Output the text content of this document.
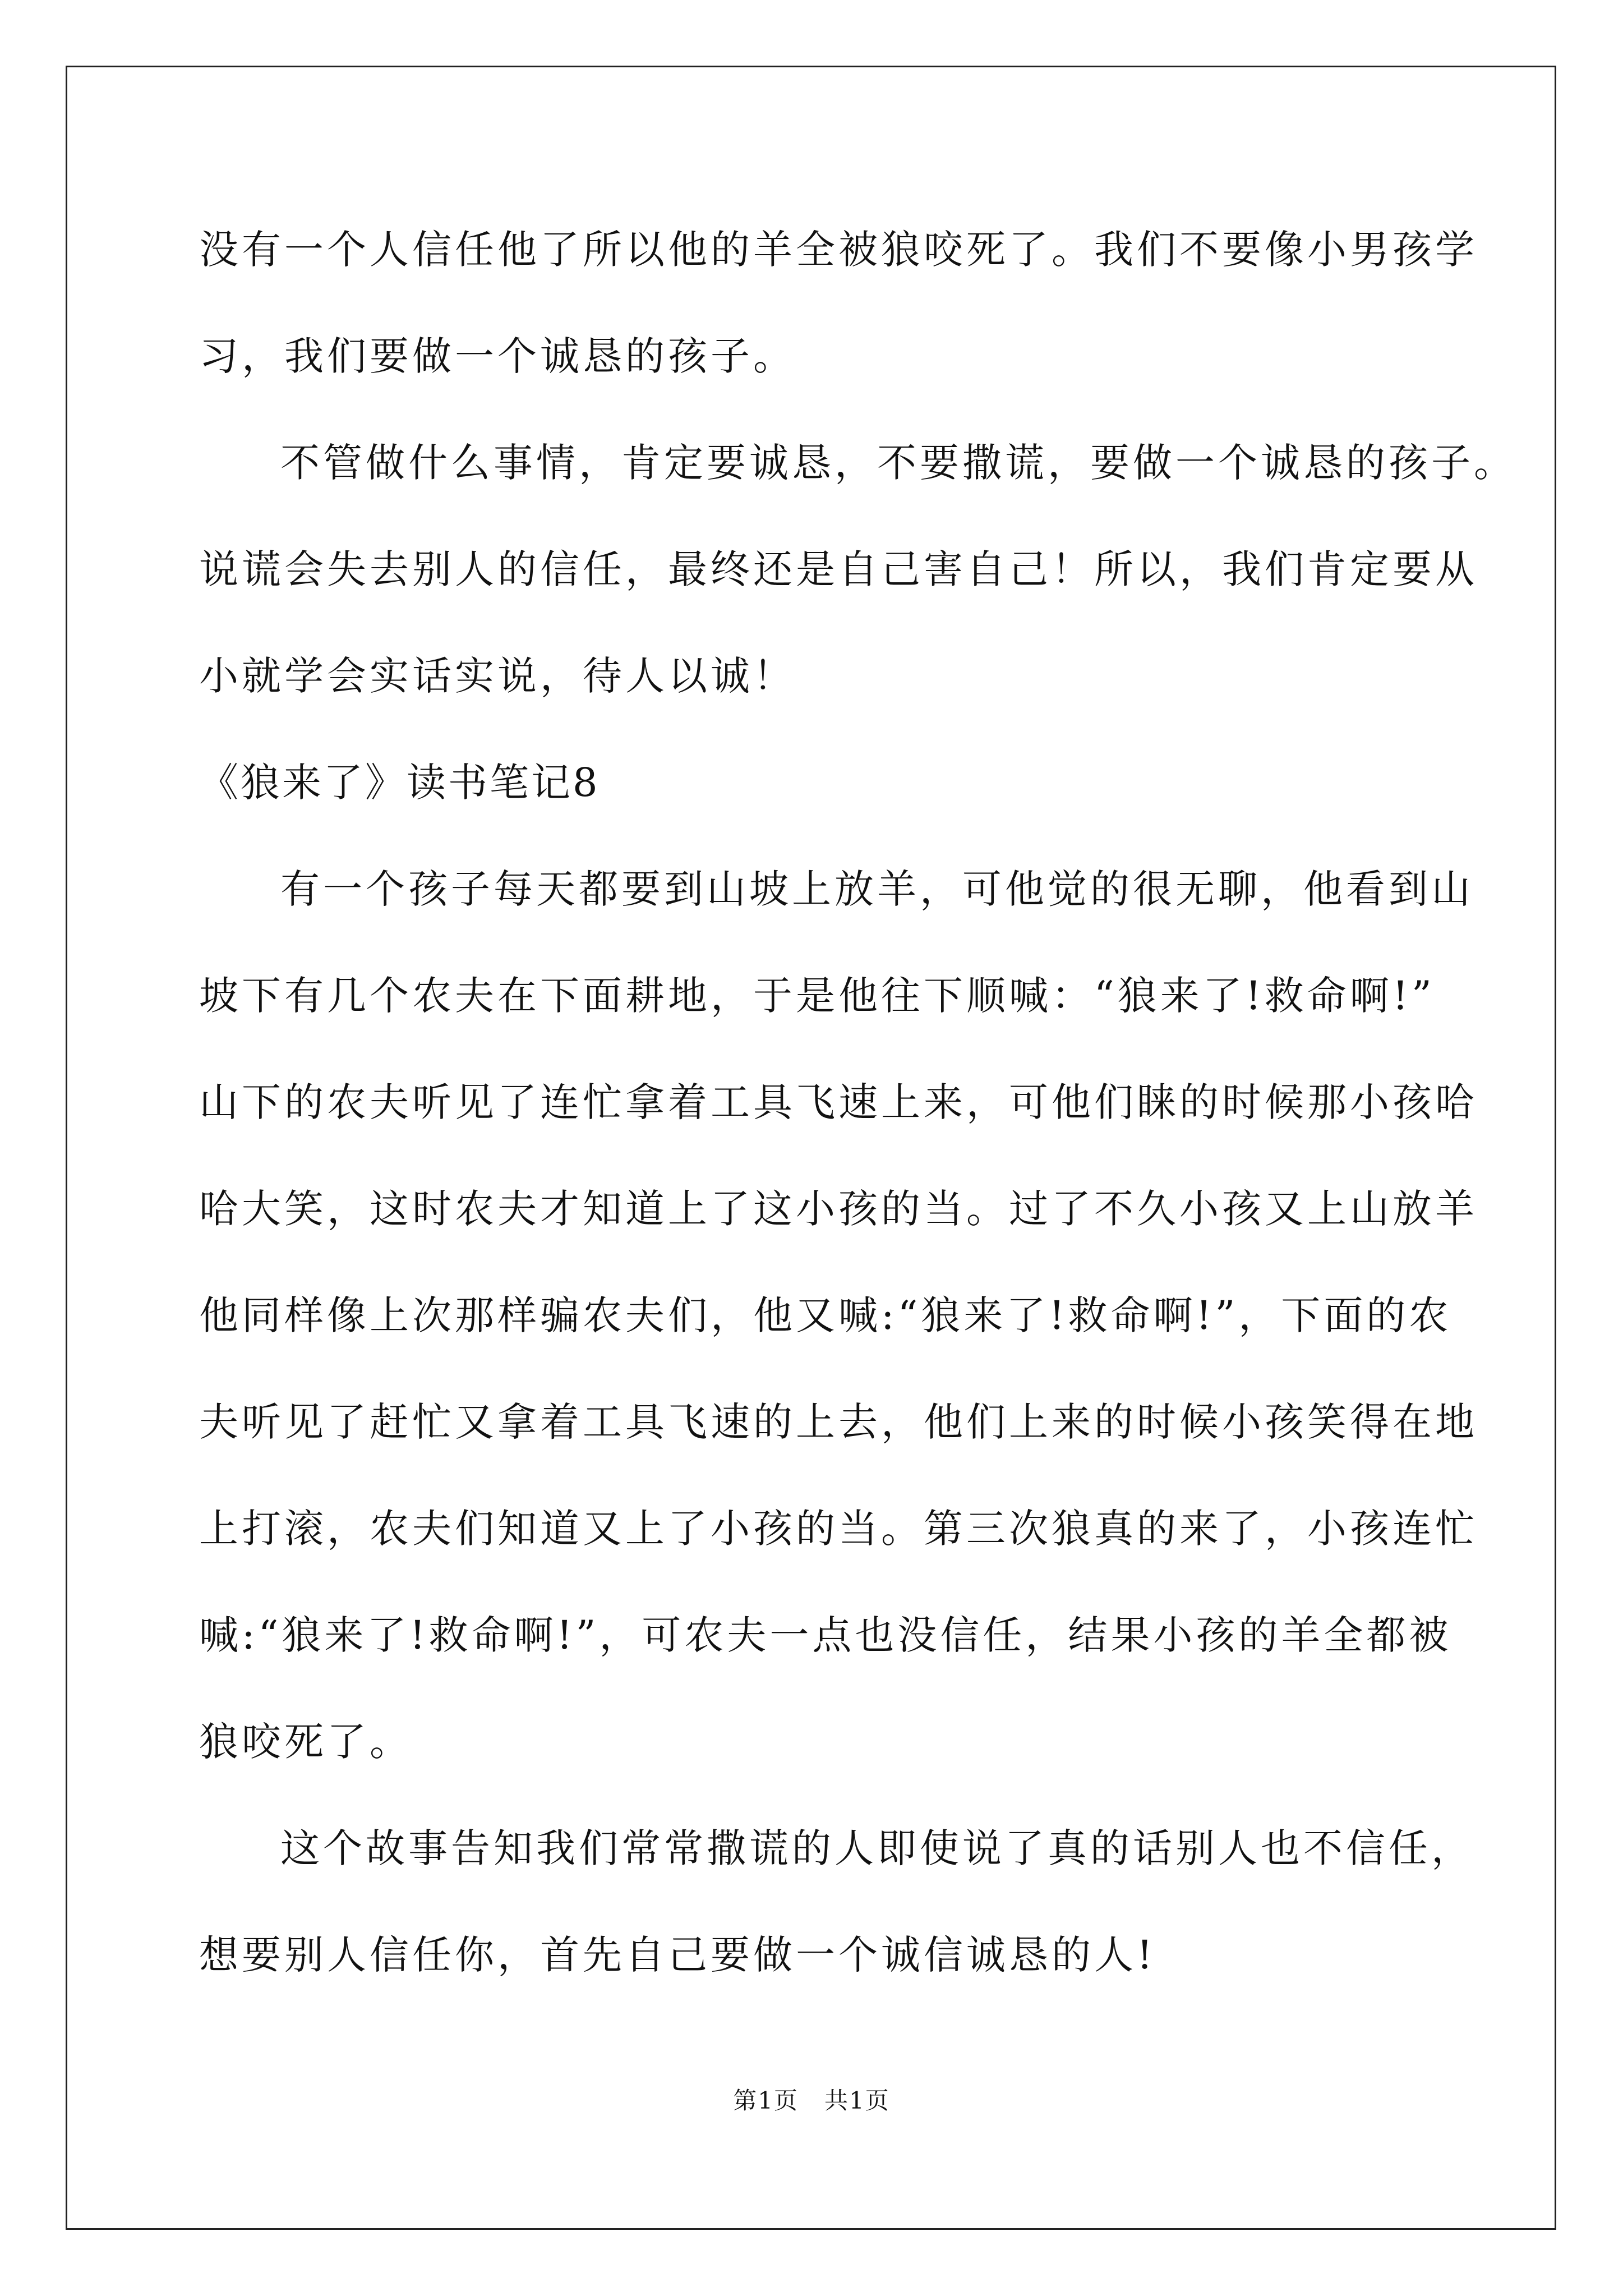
没有一个人信任他了所以他的羊全被狼咬死了。我们不要像小男孩学
习，我们要做一个诚恳的孩子。
不管做什么事情，肯定要诚恳，不要撒谎，要做一个诚恳的孩子。
说谎会失去别人的信任，最终还是自己害自己！所以，我们肯定要从
小就学会实话实说，待人以诚！
《狼来了》读书笔记8
有一个孩子每天都要到山坡上放羊，可他觉的很无聊，他看到山
坡下有几个农夫在下面耕地，于是他往下顺喊：“狼来了!救命啊!”
山下的农夫听见了连忙拿着工具飞速上来，可他们睐的时候那小孩哈
哈大笑，这时农夫才知道上了这小孩的当。过了不久小孩又上山放羊
他同样像上次那样骗农夫们，他又喊:“狼来了!救命啊!”，下面的农
夫听见了赶忙又拿着工具飞速的上去，他们上来的时候小孩笑得在地
上打滚，农夫们知道又上了小孩的当。第三次狼真的来了，小孩连忙
喊:“狼来了!救命啊!”，可农夫一点也没信任，结果小孩的羊全都被
狼咬死了。
这个故事告知我们常常撒谎的人即使说了真的话别人也不信任，
想要别人信任你，首先自己要做一个诚信诚恳的人!
第1页 共1页
